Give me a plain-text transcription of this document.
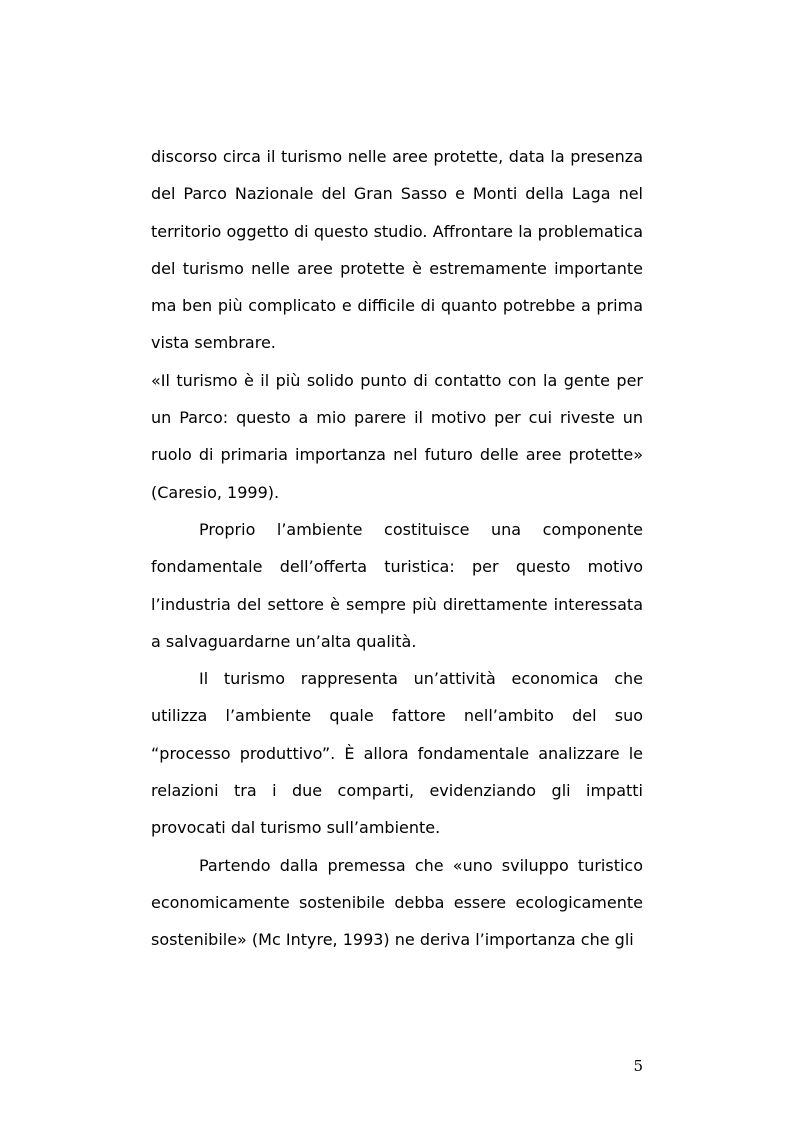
discorso circa il turismo nelle aree protette, data la presenza del Parco Nazionale del Gran Sasso e Monti della Laga nel territorio oggetto di questo studio. Affrontare la problematica del turismo nelle aree protette è estremamente importante ma ben più complicato e difficile di quanto potrebbe a prima vista sembrare.

«Il turismo è il più solido punto di contatto con la gente per un Parco: questo a mio parere il motivo per cui riveste un ruolo di primaria importanza nel futuro delle aree protette» (Caresio, 1999).

Proprio l’ambiente costituisce una componente fondamentale dell’offerta turistica: per questo motivo l’industria del settore è sempre più direttamente interessata a salvaguardarne un’alta qualità.

Il turismo rappresenta un’attività economica che utilizza l’ambiente quale fattore nell’ambito del suo “processo produttivo”. È allora fondamentale analizzare le relazioni tra i due comparti, evidenziando gli impatti provocati dal turismo sull’ambiente.

Partendo dalla premessa che «uno sviluppo turistico economicamente sostenibile debba essere ecologicamente sostenibile» (Mc Intyre, 1993) ne deriva l’importanza che gli

5
